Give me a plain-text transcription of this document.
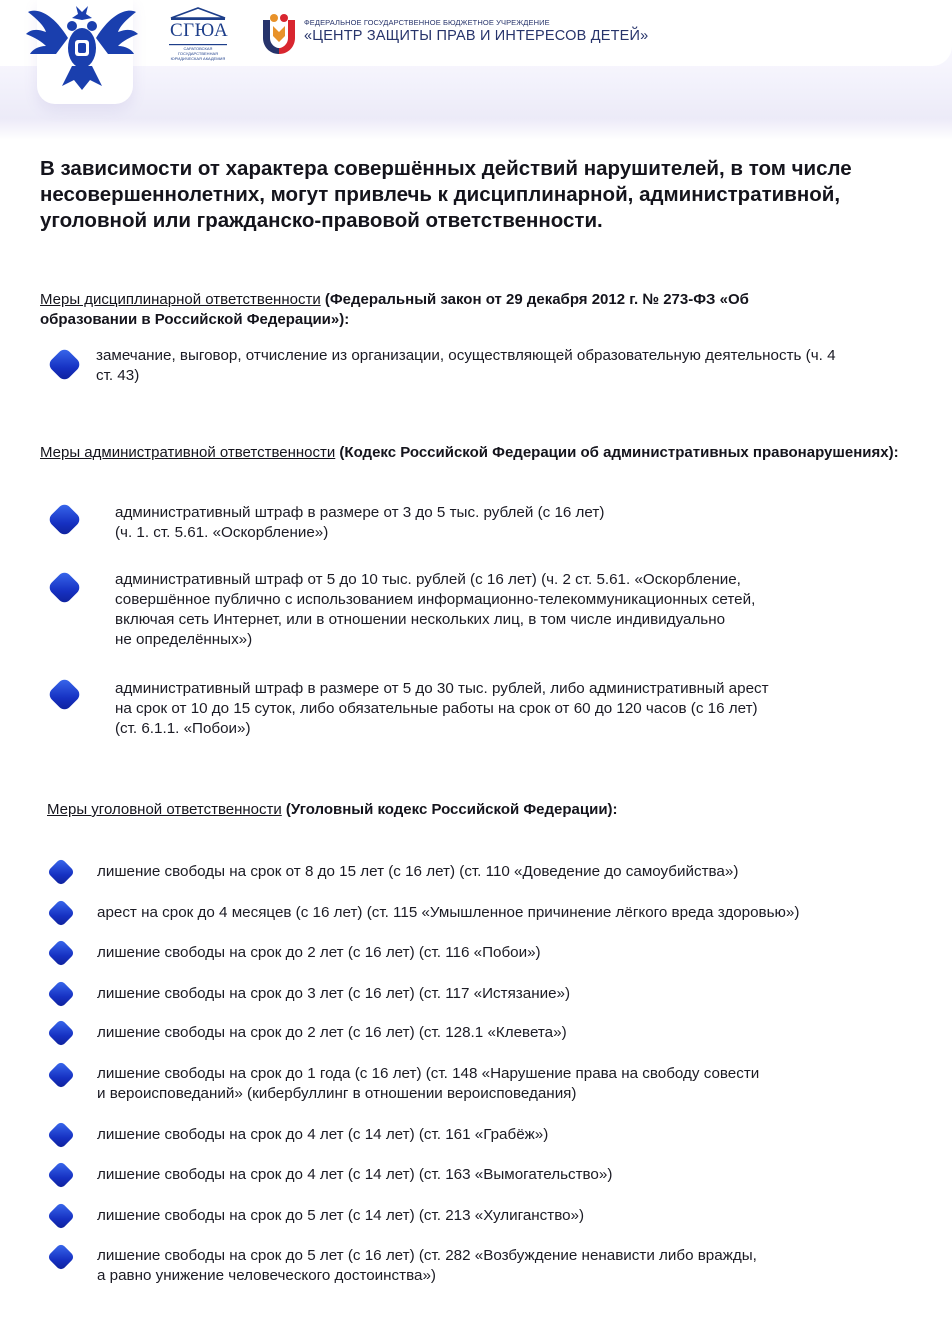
СГЮА
САРАТОВСКАЯ ГОСУДАРСТВЕННАЯ ЮРИДИЧЕСКАЯ АКАДЕМИЯ
ФЕДЕРАЛЬНОЕ ГОСУДАРСТВЕННОЕ БЮДЖЕТНОЕ УЧРЕЖДЕНИЕ
«ЦЕНТР ЗАЩИТЫ ПРАВ И ИНТЕРЕСОВ ДЕТЕЙ»
В зависимости от характера совершённых действий нарушителей, в том числе несовершеннолетних, могут привлечь к дисциплинарной, административной, уголовной или гражданско-правовой ответственности.
Меры дисциплинарной ответственности (Федеральный закон от 29 декабря 2012 г. № 273-ФЗ «Об образовании в Российской Федерации»):
замечание, выговор, отчисление из организации, осуществляющей образовательную деятельность (ч. 4 ст. 43)
Меры административной ответственности (Кодекс Российской Федерации об административных правонарушениях):
административный штраф в размере от 3 до 5 тыс. рублей (с 16 лет)
(ч. 1. ст. 5.61. «Оскорбление»)
административный штраф от 5 до 10 тыс. рублей (с 16 лет) (ч. 2 ст. 5.61. «Оскорбление,
совершённое публично с использованием информационно-телекоммуникационных сетей,
включая сеть Интернет, или в отношении нескольких лиц, в том числе индивидуально
не определённых»)
административный штраф в размере от 5 до 30 тыс. рублей, либо административный арест
на срок от 10 до 15 суток, либо обязательные работы на срок от 60 до 120 часов (с 16 лет)
(ст. 6.1.1. «Побои»)
Меры уголовной ответственности (Уголовный кодекс Российской Федерации):
лишение свободы на срок от 8 до 15 лет (с 16 лет) (ст. 110 «Доведение до самоубийства»)
арест на срок до 4 месяцев (с 16 лет) (ст. 115 «Умышленное причинение лёгкого вреда здоровью»)
лишение свободы на срок до 2 лет (с 16 лет) (ст. 116 «Побои»)
лишение свободы на срок до 3 лет (с 16 лет) (ст. 117 «Истязание»)
лишение свободы на срок до 2 лет (с 16 лет) (ст. 128.1 «Клевета»)
лишение свободы на срок до 1 года (с 16 лет) (ст. 148 «Нарушение права на свободу совести
и вероисповеданий» (кибербуллинг в отношении вероисповедания)
лишение свободы на срок до 4 лет (с 14 лет) (ст. 161 «Грабёж»)
лишение свободы на срок до 4 лет (с 14 лет) (ст. 163 «Вымогательство»)
лишение свободы на срок до 5 лет (с 14 лет) (ст. 213 «Хулиганство»)
лишение свободы на срок до 5 лет (с 16 лет) (ст. 282 «Возбуждение ненависти либо вражды,
а равно унижение человеческого достоинства»)
